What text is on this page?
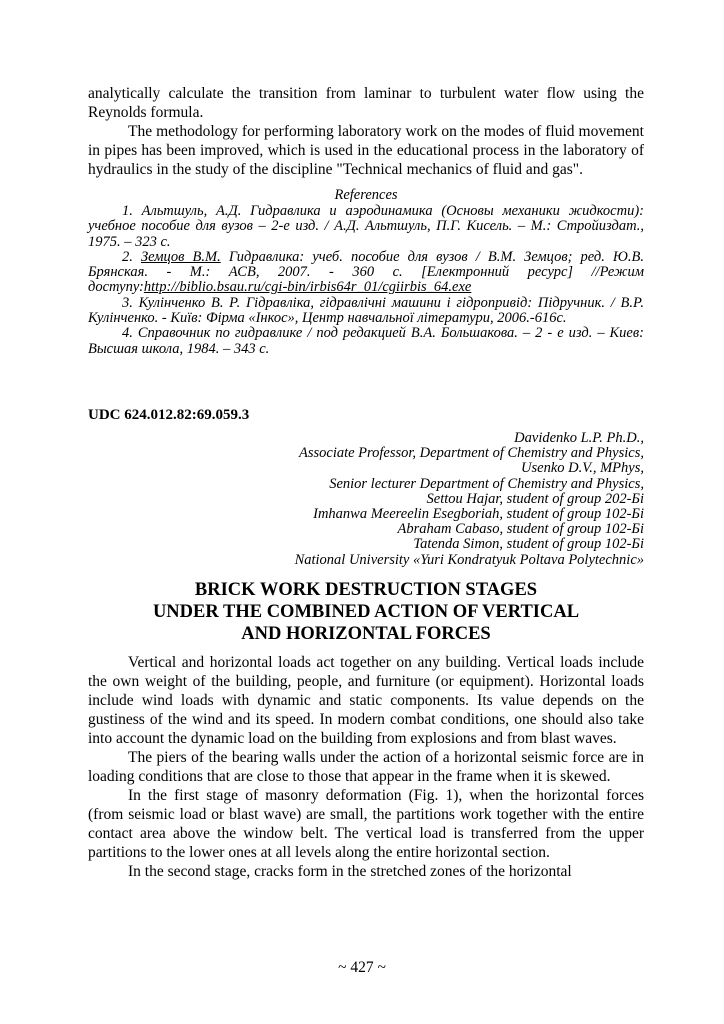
analytically calculate the transition from laminar to turbulent water flow using the Reynolds formula.

The methodology for performing laboratory work on the modes of fluid movement in pipes has been improved, which is used in the educational process in the laboratory of hydraulics in the study of the discipline "Technical mechanics of fluid and gas".

References

1. Альтшуль, А.Д. Гидравлика и аэродинамика (Основы механики жидкости): учебное пособие для вузов – 2-е изд. / А.Д. Альтшуль, П.Г. Кисель. – М.: Стройиздат., 1975. – 323 с.

2. Земцов В.М. Гидравлика: учеб. пособие для вузов / В.М. Земцов; ред. Ю.В. Брянская. - М.: АСВ, 2007. - 360 с. [Електронний ресурс] //Режим доступу:http://biblio.bsau.ru/cgi-bin/irbis64r_01/cgiirbis_64.exe

3. Кулінченко В. Р. Гідравліка, гідравлічні машини і гідропривід: Підручник. / В.Р. Кулінченко. - Київ: Фірма «Інкос», Центр навчальної літератури, 2006.-616с.

4. Справочник по гидравлике / под редакцией В.А. Большакова. – 2 - е изд. – Киев: Высшая школа, 1984. – 343 с.

UDC 624.012.82:69.059.3

Davidenko L.P. Ph.D.,
Associate Professor, Department of Chemistry and Physics,
Usenko D.V., MPhys,
Senior lecturer Department of Chemistry and Physics,
Settou Hajar, student of group 202-Бі
Imhanwa Meereelin Esegboriah, student of group 102-Бі
Abraham Cabaso, student of group 102-Бі
Tatenda Simon, student of group 102-Бі
National University «Yuri Kondratyuk Poltava Polytechnic»
BRICK WORK DESTRUCTION STAGES
UNDER THE COMBINED ACTION OF VERTICAL
AND HORIZONTAL FORCES

Vertical and horizontal loads act together on any building. Vertical loads include the own weight of the building, people, and furniture (or equipment). Horizontal loads include wind loads with dynamic and static components. Its value depends on the gustiness of the wind and its speed. In modern combat conditions, one should also take into account the dynamic load on the building from explosions and from blast waves.

The piers of the bearing walls under the action of a horizontal seismic force are in loading conditions that are close to those that appear in the frame when it is skewed.

In the first stage of masonry deformation (Fig. 1), when the horizontal forces (from seismic load or blast wave) are small, the partitions work together with the entire contact area above the window belt. The vertical load is transferred from the upper partitions to the lower ones at all levels along the entire horizontal section.

In the second stage, cracks form in the stretched zones of the horizontal

~ 427 ~
